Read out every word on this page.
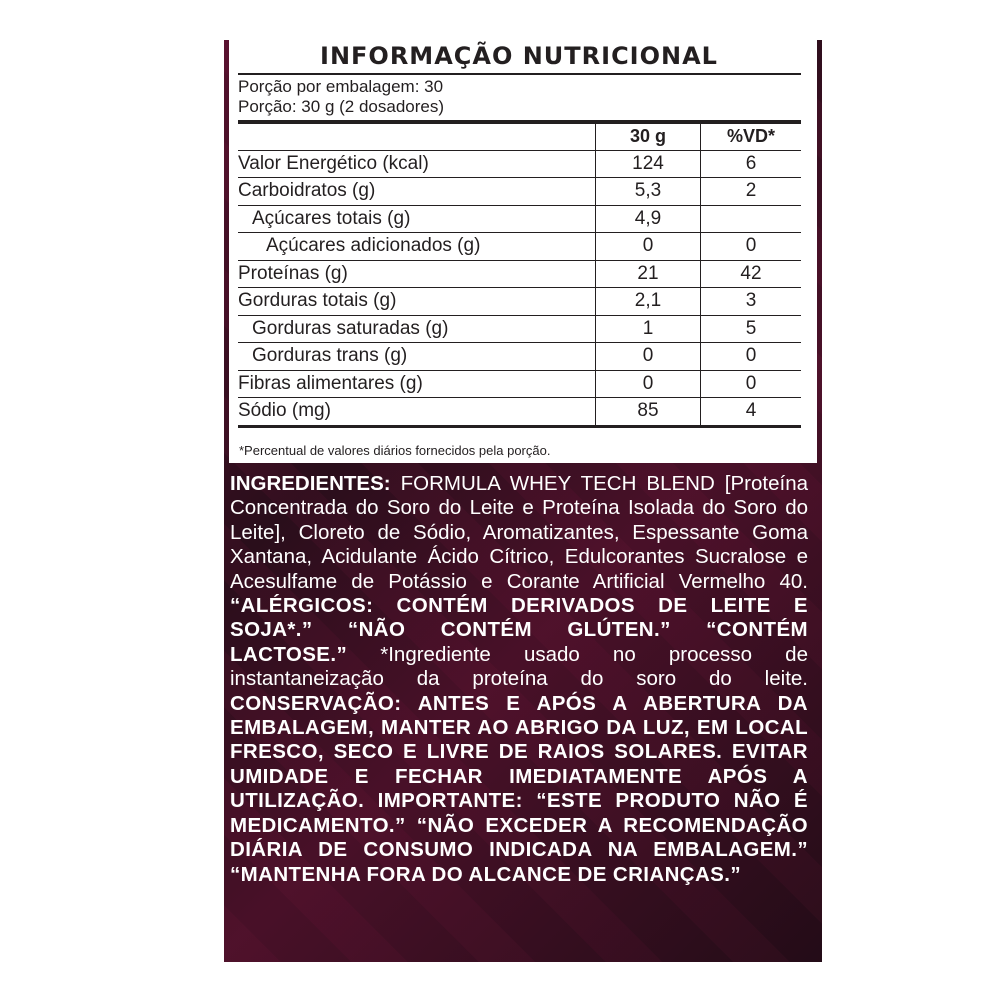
INFORMAÇÃO NUTRICIONAL
Porção por embalagem: 30
Porção: 30 g (2 dosadores)
	30 g	%VD*
Valor Energético (kcal)	124	6
Carboidratos (g)	5,3	2
Açúcares totais (g)	4,9	
Açúcares adicionados (g)	0	0
Proteínas (g)	21	42
Gorduras totais (g)	2,1	3
Gorduras saturadas (g)	1	5
Gorduras trans (g)	0	0
Fibras alimentares (g)	0	0
Sódio (mg)	85	4
*Percentual de valores diários fornecidos pela porção.
INGREDIENTES: FORMULA WHEY TECH BLEND [Proteína Concentrada do Soro do Leite e Proteína Isolada do Soro do Leite], Cloreto de Sódio, Aromatizantes, Espessante Goma Xantana, Acidulante Ácido Cítrico, Edulcorantes Sucralose e Acesulfame de Potássio e Corante Artificial Vermelho 40. “ALÉRGICOS: CONTÉM DERIVADOS DE LEITE E SOJA*.” “NÃO CONTÉM GLÚTEN.” “CONTÉM LACTOSE.” *Ingrediente usado no processo de instantaneização da proteína do soro do leite. CONSERVAÇÃO: ANTES E APÓS A ABERTURA DA EMBALAGEM, MANTER AO ABRIGO DA LUZ, EM LOCAL FRESCO, SECO E LIVRE DE RAIOS SOLARES. EVITAR UMIDADE E FECHAR IMEDIATAMENTE APÓS A UTILIZAÇÃO. IMPORTANTE: “ESTE PRODUTO NÃO É MEDICAMENTO.” “NÃO EXCEDER A RECOMENDAÇÃO DIÁRIA DE CONSUMO INDICADA NA EMBALAGEM.” “MANTENHA FORA DO ALCANCE DE CRIANÇAS.”
